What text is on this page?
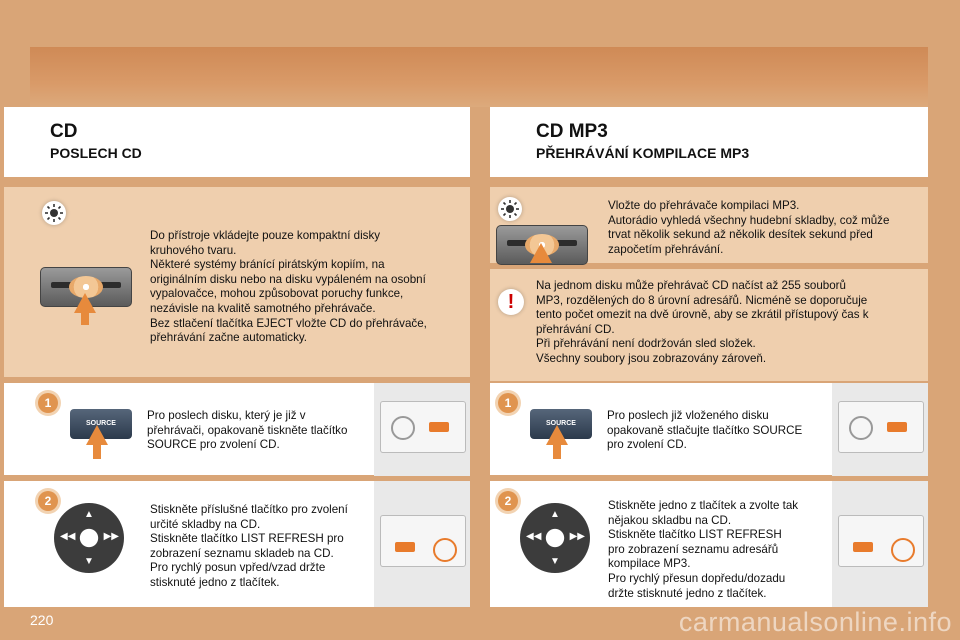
CD
POSLECH CD
Do přístroje vkládejte pouze kompaktní disky
kruhového tvaru.
Některé systémy bránící pirátským kopiím, na
originálním disku nebo na disku vypáleném na osobní
vypalovačce, mohou způsobovat poruchy funkce,
nezávisle na kvalitě samotného přehrávače.
Bez stlačení tlačítka EJECT vložte CD do přehrávače,
přehrávání začne automaticky.
1
SOURCE
Pro poslech disku, který je již v
přehrávači, opakovaně tiskněte tlačítko
SOURCE pro zvolení CD.
2
▲
▼
◀◀	▶▶
Stiskněte příslušné tlačítko pro zvolení
určité skladby na CD.
Stiskněte tlačítko LIST REFRESH pro
zobrazení seznamu skladeb na CD.
Pro rychlý posun vpřed/vzad držte
stisknuté jedno z tlačítek.
CD MP3
PŘEHRÁVÁNÍ KOMPILACE MP3
Vložte do přehrávače kompilaci MP3.
Autorádio vyhledá všechny hudební skladby, což může
trvat několik sekund až několik desítek sekund před
započetím přehrávání.
!
Na jednom disku může přehrávač CD načíst až 255 souborů
MP3, rozdělených do 8 úrovní adresářů. Nicméně se doporučuje
tento počet omezit na dvě úrovně, aby se zkrátil přístupový čas k
přehrávání CD.
Při přehrávání není dodržován sled složek.
Všechny soubory jsou zobrazovány zároveň.
1
SOURCE
Pro poslech již vloženého disku
opakovaně stlačujte tlačítko SOURCE
pro zvolení CD.
2
▲
▼
◀◀	▶▶
Stiskněte jedno z tlačítek a zvolte tak
nějakou skladbu na CD.
Stiskněte tlačítko LIST REFRESH
pro zobrazení seznamu adresářů
kompilace MP3.
Pro rychlý přesun dopředu/dozadu
držte stisknuté jedno z tlačítek.
220	carmanualsonline.info
